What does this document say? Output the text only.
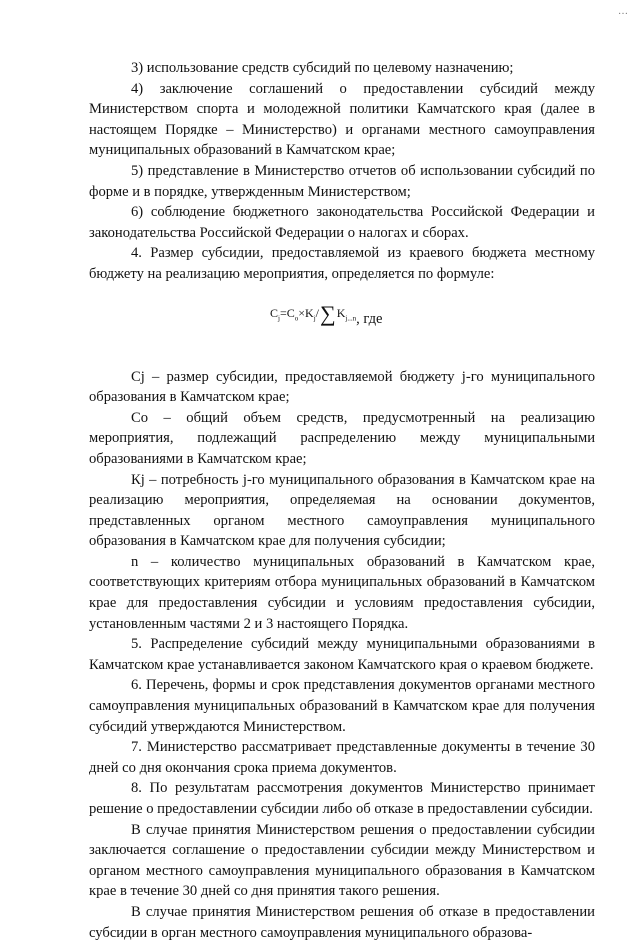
…

3) использование средств субсидий по целевому назначению;

4) заключение соглашений о предоставлении субсидий между Министерством спорта и молодежной политики Камчатского края (далее в настоящем Порядке – Министерство) и органами местного самоуправления муниципальных образований в Камчатском крае;

5) представление в Министерство отчетов об использовании субсидий по форме и в порядке, утвержденным Министерством;

6) соблюдение бюджетного законодательства Российской Федерации и законодательства Российской Федерации о налогах и сборах.

4. Размер субсидии, предоставляемой из краевого бюджета местному бюджету на реализацию мероприятия, определяется по формуле:

$C_j=C_o\times K_j/\sum K_{j...n}$, где

Cj – размер субсидии, предоставляемой бюджету j-го муниципального образования в Камчатском крае;

Cо – общий объем средств, предусмотренный на реализацию мероприятия, подлежащий распределению между муниципальными образованиями в Камчатском крае;

Кj – потребность j-го муниципального образования в Камчатском крае на реализацию мероприятия, определяемая на основании документов, представленных органом местного самоуправления муниципального образования в Камчатском крае для получения субсидии;

n – количество муниципальных образований в Камчатском крае, соответствующих критериям отбора муниципальных образований в Камчатском крае для предоставления субсидии и условиям предоставления субсидии, установленным частями 2 и 3 настоящего Порядка.

5. Распределение субсидий между муниципальными образованиями в Камчатском крае устанавливается законом Камчатского края о краевом бюджете.

6. Перечень, формы и срок представления документов органами местного самоуправления муниципальных образований в Камчатском крае для получения субсидий утверждаются Министерством.

7. Министерство рассматривает представленные документы в течение 30 дней со дня окончания срока приема документов.

8. По результатам рассмотрения документов Министерство принимает решение о предоставлении субсидии либо об отказе в предоставлении субсидии.

В случае принятия Министерством решения о предоставлении субсидии заключается соглашение о предоставлении субсидии между Министерством и органом местного самоуправления муниципального образования в Камчатском крае в течение 30 дней со дня принятия такого решения.

В случае принятия Министерством решения об отказе в предоставлении субсидии в орган местного самоуправления муниципального образова-
